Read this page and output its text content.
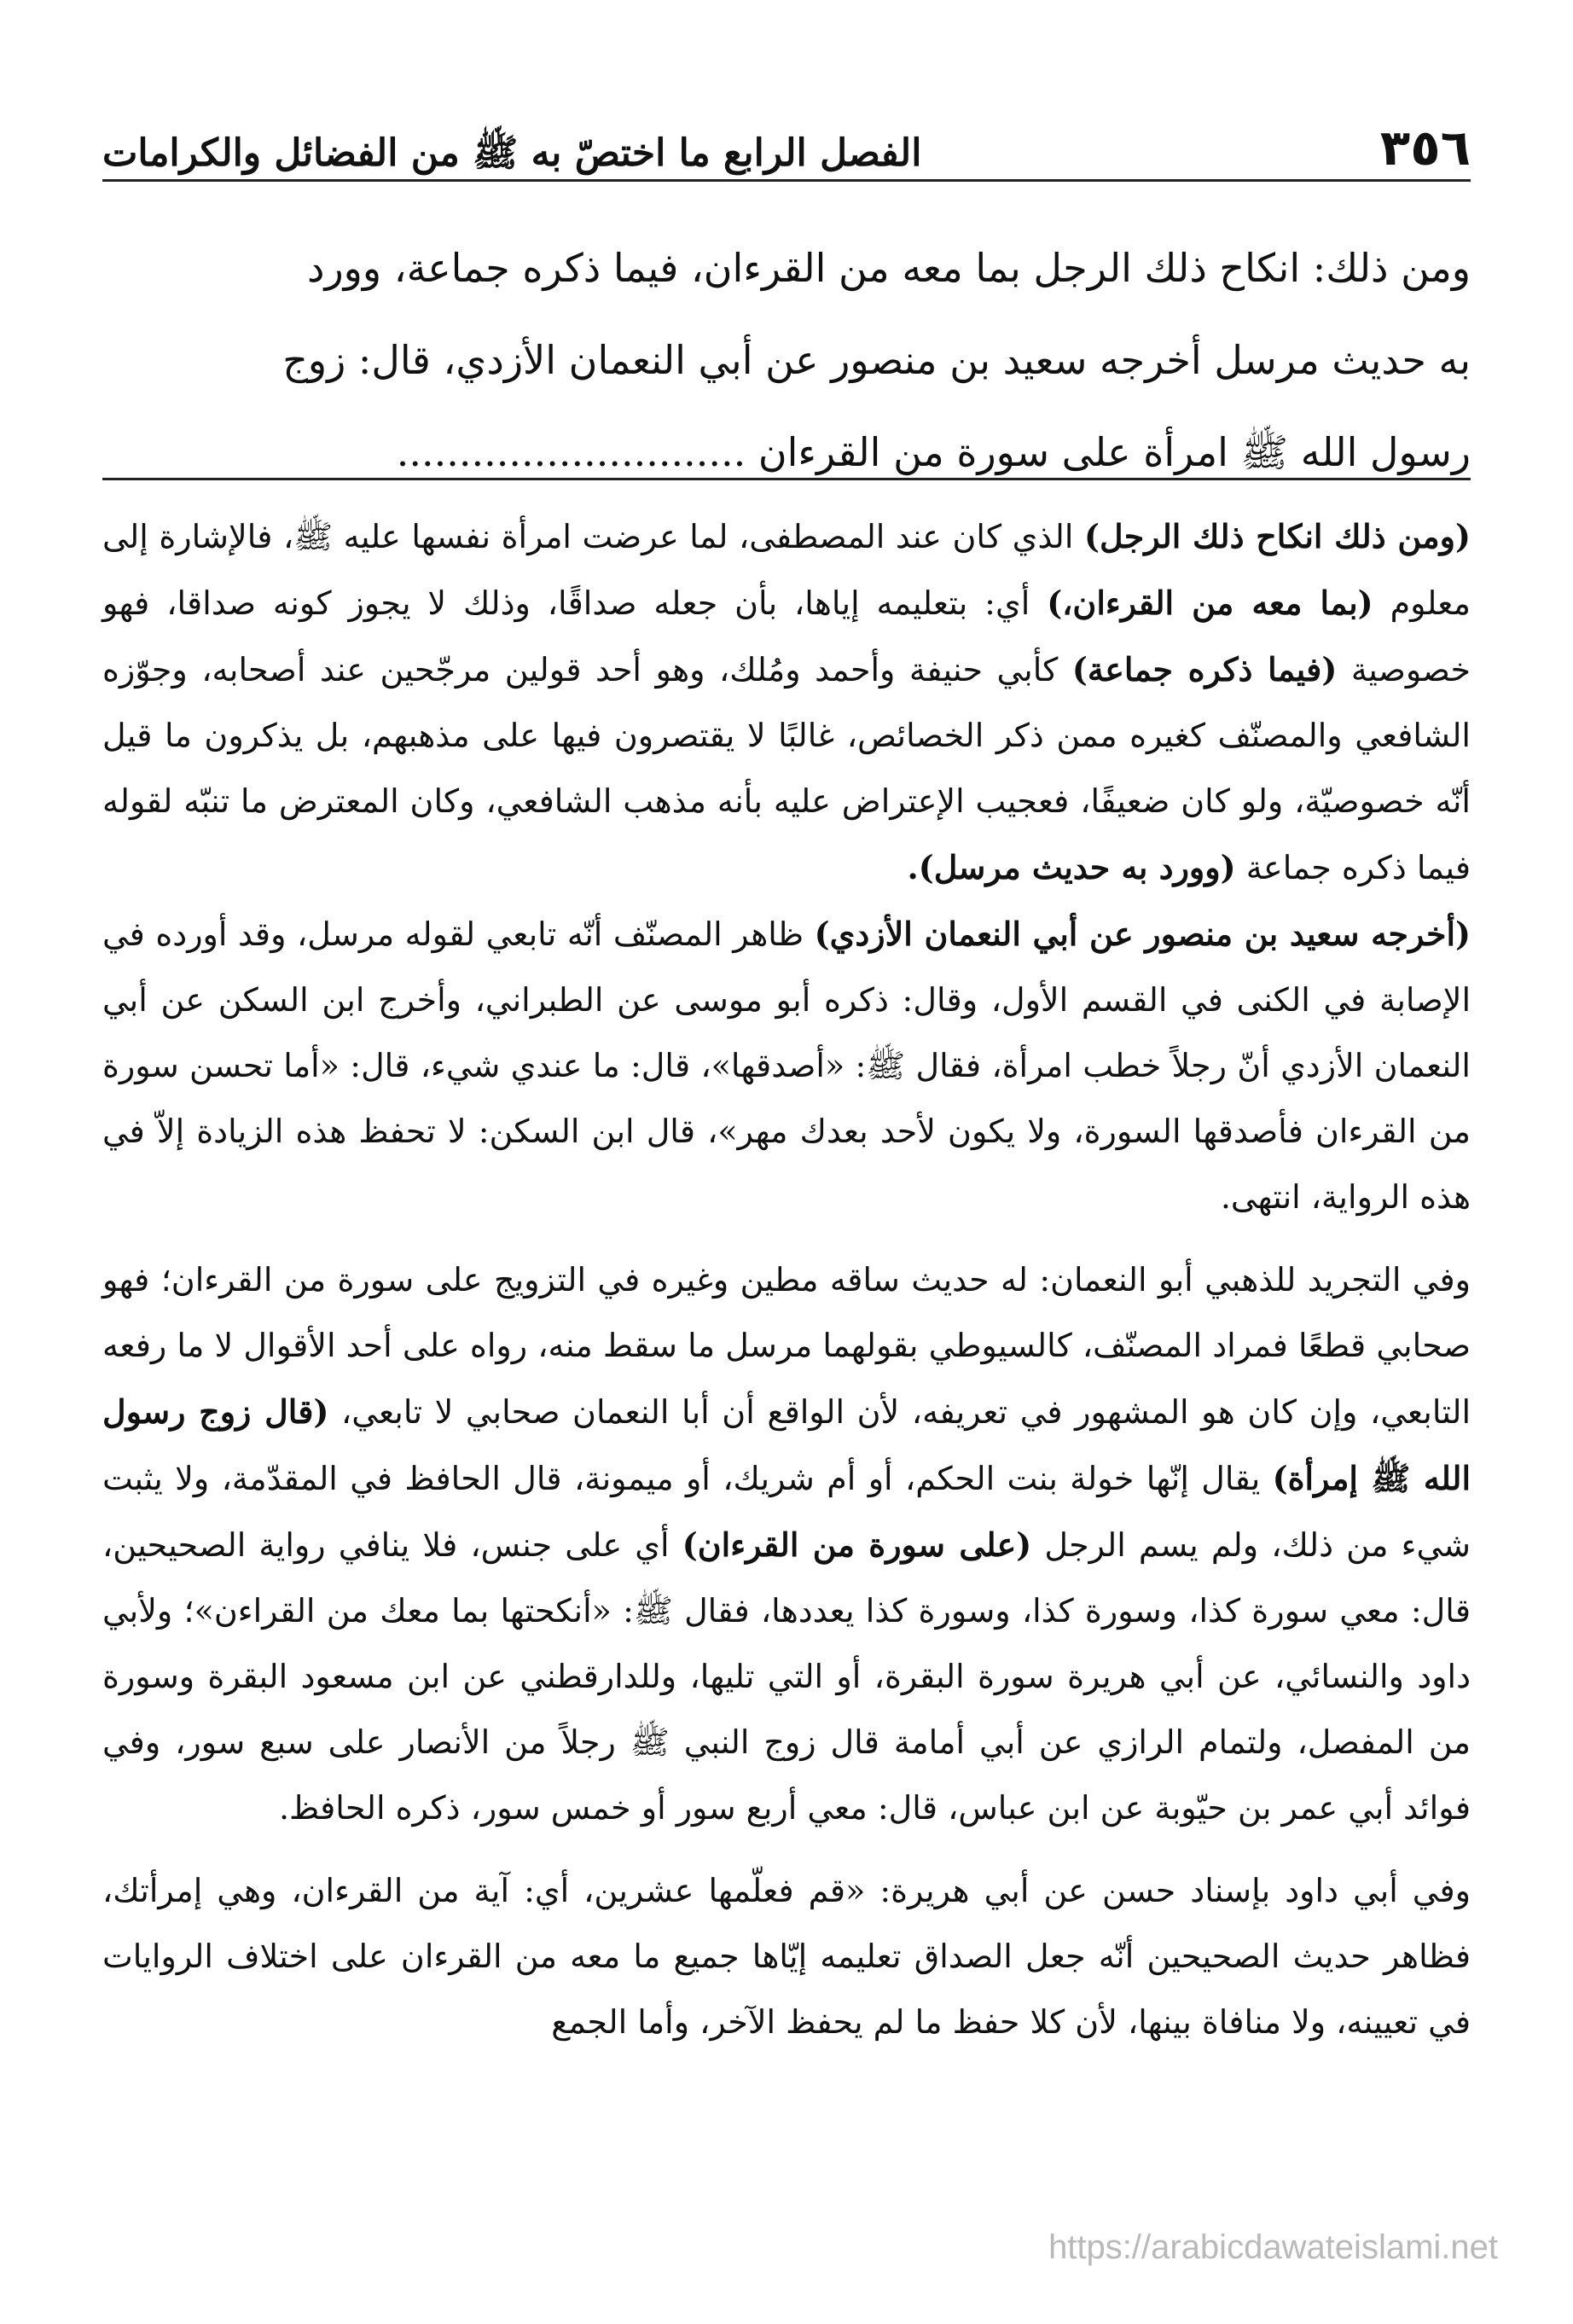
٣٥٦
الفصل الرابع ما اختصّ به ﷺ من الفضائل والكرامات

ومن ذلك: انكاح ذلك الرجل بما معه من القرءان، فيما ذكره جماعة، وورد

به حديث مرسل أخرجه سعيد بن منصور عن أبي النعمان الأزدي، قال: زوج

رسول الله ﷺ امرأة على سورة من القرءان ............................

(ومن ذلك انكاح ذلك الرجل) الذي كان عند المصطفى، لما عرضت امرأة نفسها عليه ﷺ، فالإشارة إلى معلوم (بما معه من القرءان،) أي: بتعليمه إياها، بأن جعله صداقًا، وذلك لا يجوز كونه صداقا، فهو خصوصية (فيما ذكره جماعة) كأبي حنيفة وأحمد ومُلك، وهو أحد قولين مرجّحين عند أصحابه، وجوّزه الشافعي والمصنّف كغيره ممن ذكر الخصائص، غالبًا لا يقتصرون فيها على مذهبهم، بل يذكرون ما قيل أنّه خصوصيّة، ولو كان ضعيفًا، فعجيب الإعتراض عليه بأنه مذهب الشافعي، وكان المعترض ما تنبّه لقوله فيما ذكره جماعة (وورد به حديث مرسل).

(أخرجه سعيد بن منصور عن أبي النعمان الأزدي) ظاهر المصنّف أنّه تابعي لقوله مرسل، وقد أورده في الإصابة في الكنى في القسم الأول، وقال: ذكره أبو موسى عن الطبراني، وأخرج ابن السكن عن أبي النعمان الأزدي أنّ رجلاً خطب امرأة، فقال ﷺ: «أصدقها»، قال: ما عندي شيء، قال: «أما تحسن سورة من القرءان فأصدقها السورة، ولا يكون لأحد بعدك مهر»، قال ابن السكن: لا تحفظ هذه الزيادة إلاّ في هذه الرواية، انتهى.

وفي التجريد للذهبي أبو النعمان: له حديث ساقه مطين وغيره في التزويج على سورة من القرءان؛ فهو صحابي قطعًا فمراد المصنّف، كالسيوطي بقولهما مرسل ما سقط منه، رواه على أحد الأقوال لا ما رفعه التابعي، وإن كان هو المشهور في تعريفه، لأن الواقع أن أبا النعمان صحابي لا تابعي، (قال زوج رسول الله ﷺ إمرأة) يقال إنّها خولة بنت الحكم، أو أم شريك، أو ميمونة، قال الحافظ في المقدّمة، ولا يثبت شيء من ذلك، ولم يسم الرجل (على سورة من القرءان) أي على جنس، فلا ينافي رواية الصحيحين، قال: معي سورة كذا، وسورة كذا، وسورة كذا يعددها، فقال ﷺ: «أنكحتها بما معك من القراءن»؛ ولأبي داود والنسائي، عن أبي هريرة سورة البقرة، أو التي تليها، وللدارقطني عن ابن مسعود البقرة وسورة من المفصل، ولتمام الرازي عن أبي أمامة قال زوج النبي ﷺ رجلاً من الأنصار على سبع سور، وفي فوائد أبي عمر بن حيّوبة عن ابن عباس، قال: معي أربع سور أو خمس سور، ذكره الحافظ.

وفي أبي داود بإسناد حسن عن أبي هريرة: «قم فعلّمها عشرين، أي: آية من القرءان، وهي إمرأتك، فظاهر حديث الصحيحين أنّه جعل الصداق تعليمه إيّاها جميع ما معه من القرءان على اختلاف الروايات في تعيينه، ولا منافاة بينها، لأن كلا حفظ ما لم يحفظ الآخر، وأما الجمع

https://arabicdawateislami.net
